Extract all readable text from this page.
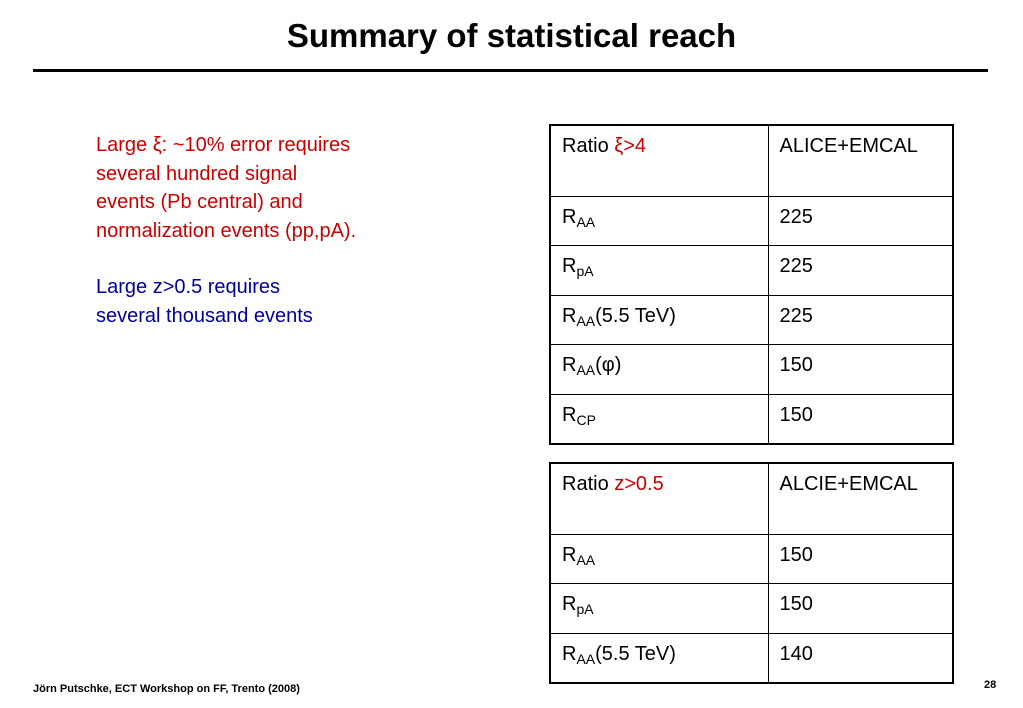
Summary of statistical reach
Large ξ: ~10% error requires
several hundred signal
events (Pb central) and
normalization events (pp,pA).
Large z>0.5 requires
several thousand events
Ratio ξ>4	ALICE+EMCAL
$R_{AA}$	225
$R_{pA}$	225
$R_{AA}(5.5$ TeV)	225
$R_{AA}(\varphi)$	150
$R_{CP}$	150
Ratio z>0.5	ALCIE+EMCAL
$R_{AA}$	150
$R_{pA}$	150
$R_{AA}(5.5$ TeV)	140
Jörn Putschke, ECT Workshop on FF, Trento (2008)	28
